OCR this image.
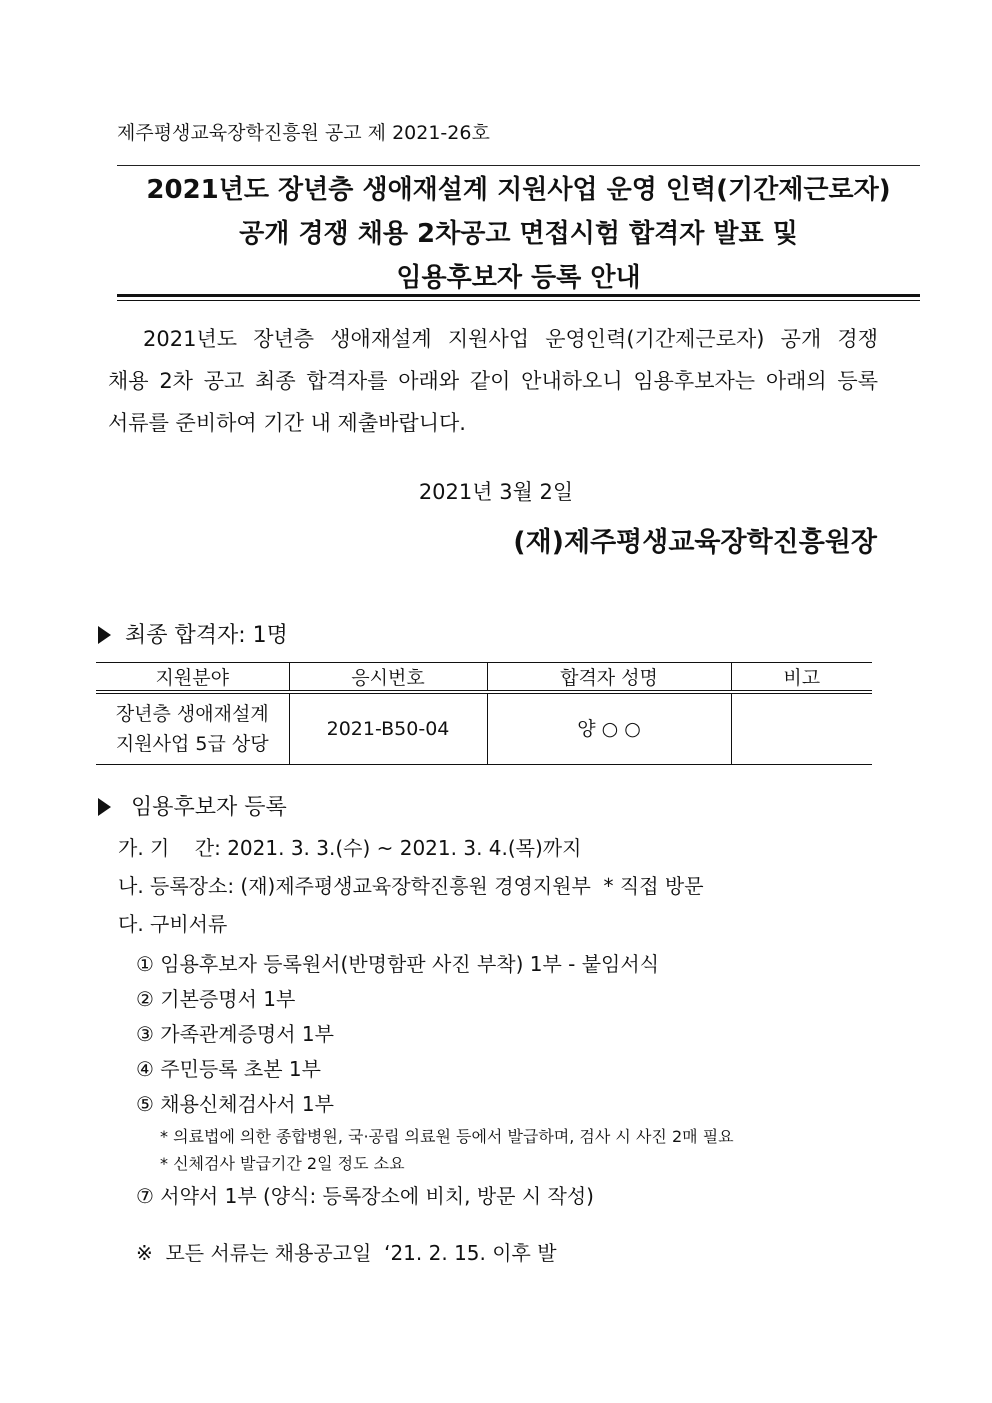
제주평생교육장학진흥원 공고 제 2021-26호
2021년도 장년층 생애재설계 지원사업 운영 인력(기간제근로자)
공개 경쟁 채용 2차공고 면접시험 합격자 발표 및
임용후보자 등록 안내

2021년도 장년층 생애재설계 지원사업 운영인력(기간제근로자) 공개 경쟁

채용 2차 공고 최종 합격자를 아래와 같이 안내하오니 임용후보자는 아래의 등록

서류를 준비하여 기간 내 제출바랍니다.

2021년 3월 2일
(재)제주평생교육장학진흥원장
최종 합격자: 1명
지원분야	응시번호	합격자 성명	비고

장년층 생애재설계
지원사업 5급 상당	2021-B50-04	양 ○ ○	
임용후보자 등록
가. 기    간: 2021. 3. 3.(수) ~ 2021. 3. 4.(목)까지
나. 등록장소: (재)제주평생교육장학진흥원 경영지원부  * 직접 방문
다. 구비서류
① 임용후보자 등록원서(반명함판 사진 부착) 1부 - 붙임서식
② 기본증명서 1부
③ 가족관계증명서 1부
④ 주민등록 초본 1부
⑤ 채용신체검사서 1부
* 의료법에 의한 종합병원, 국·공립 의료원 등에서 발급하며, 검사 시 사진 2매 필요
* 신체검사 발급기간 2일 정도 소요
⑦ 서약서 1부 (양식: 등록장소에 비치, 방문 시 작성)
※  모든 서류는 채용공고일  ‘21. 2. 15. 이후 발
